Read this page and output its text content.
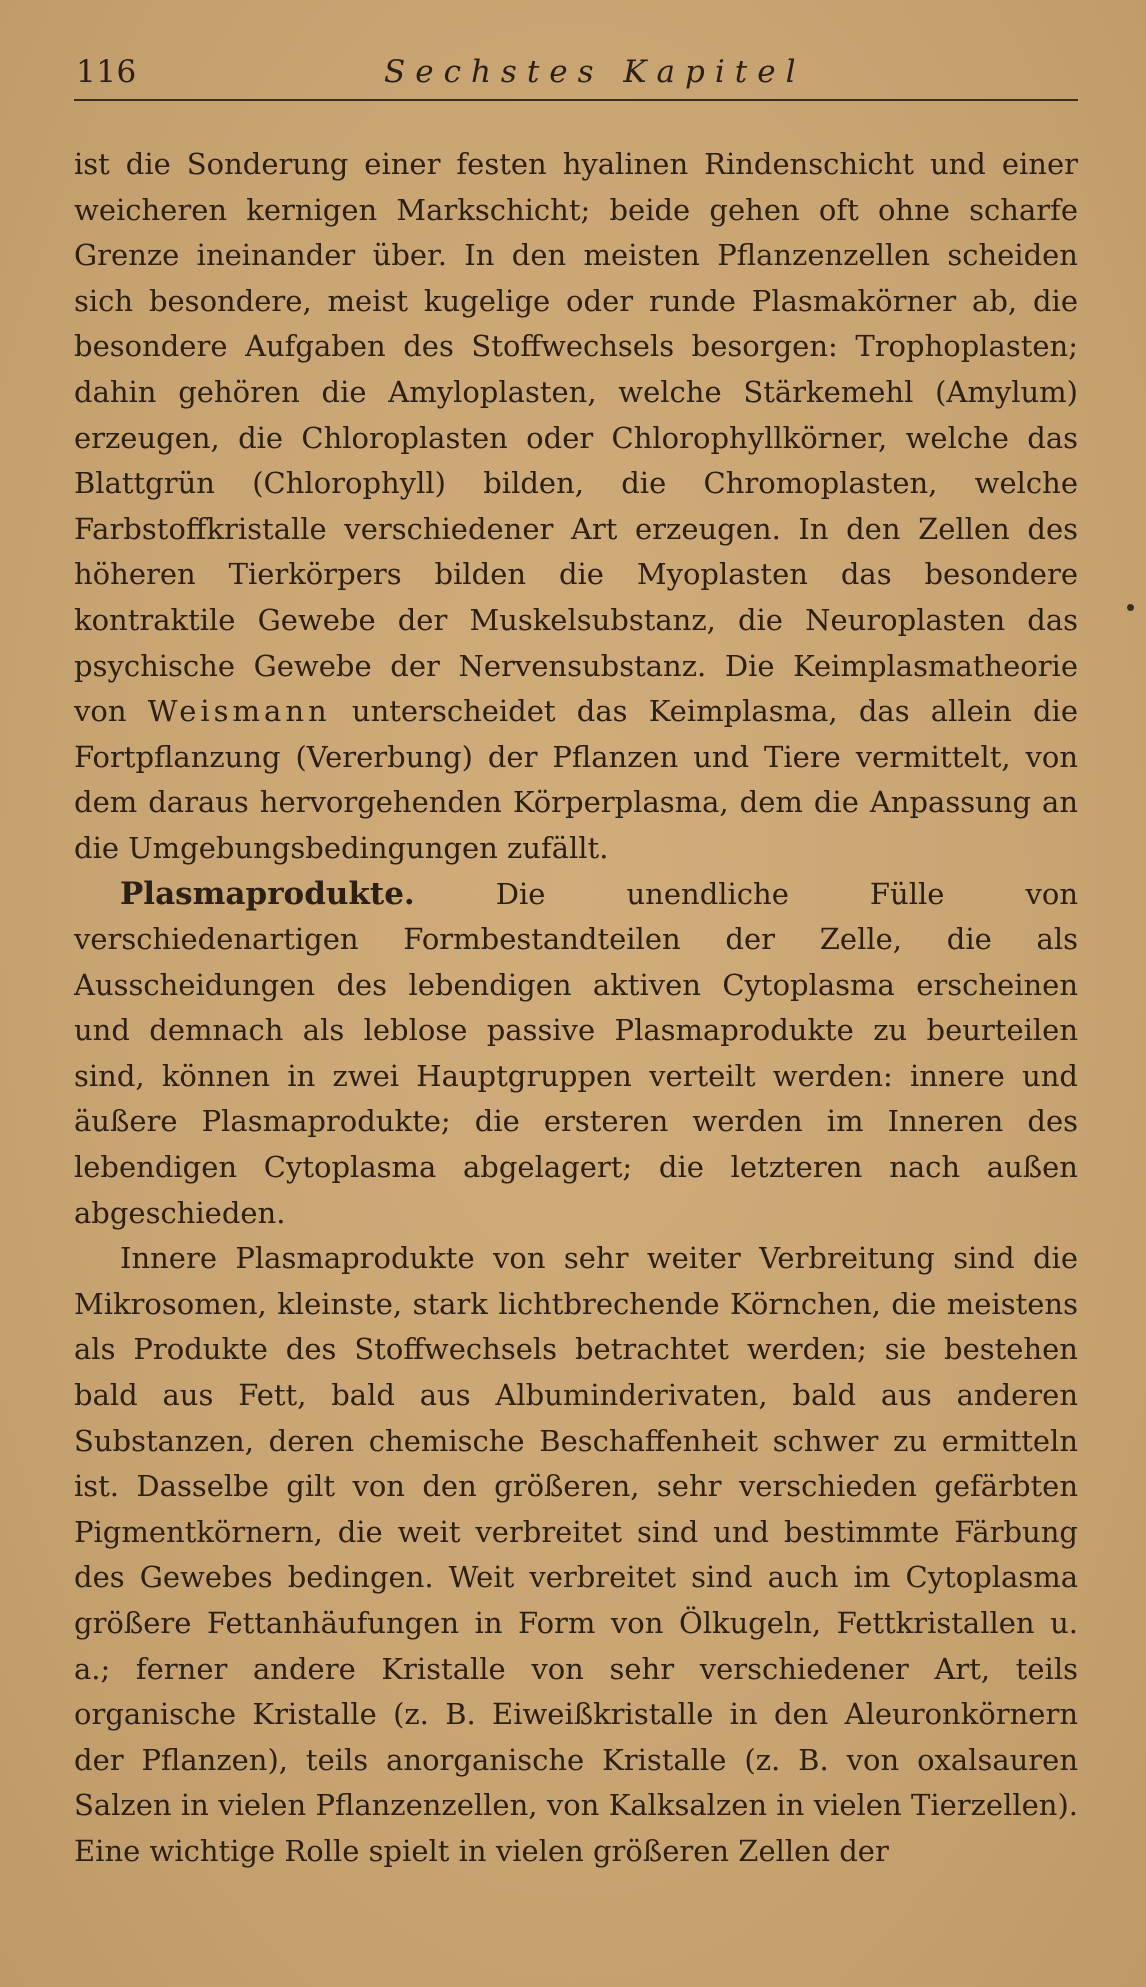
116	Sechstes Kapitel

ist die Sonderung einer festen hyalinen Rindenschicht und einer weicheren kernigen Markschicht; beide gehen oft ohne scharfe Grenze ineinander über. In den meisten Pflanzenzellen scheiden sich besondere, meist kugelige oder runde Plasmakörner ab, die besondere Aufgaben des Stoffwechsels besorgen: Trophoplasten; dahin gehören die Amyloplasten, welche Stärkemehl (Amylum) erzeugen, die Chloroplasten oder Chlorophyllkörner, welche das Blattgrün (Chlorophyll) bilden, die Chromoplasten, welche Farbstoffkristalle verschiedener Art erzeugen. In den Zellen des höheren Tierkörpers bilden die Myoplasten das besondere kontraktile Gewebe der Muskelsubstanz, die Neuroplasten das psychische Gewebe der Nervensubstanz. Die Keimplasmatheorie von Weismann unterscheidet das Keimplasma, das allein die Fortpflanzung (Vererbung) der Pflanzen und Tiere vermittelt, von dem daraus hervorgehenden Körperplasma, dem die Anpassung an die Umgebungsbedingungen zufällt.

Plasmaprodukte. Die unendliche Fülle von verschiedenartigen Formbestandteilen der Zelle, die als Ausscheidungen des lebendigen aktiven Cytoplasma erscheinen und demnach als leblose passive Plasmaprodukte zu beurteilen sind, können in zwei Hauptgruppen verteilt werden: innere und äußere Plasmaprodukte; die ersteren werden im Inneren des lebendigen Cytoplasma abgelagert; die letzteren nach außen abgeschieden.

Innere Plasmaprodukte von sehr weiter Verbreitung sind die Mikrosomen, kleinste, stark lichtbrechende Körnchen, die meistens als Produkte des Stoffwechsels betrachtet werden; sie bestehen bald aus Fett, bald aus Albuminderivaten, bald aus anderen Substanzen, deren chemische Beschaffenheit schwer zu ermitteln ist. Dasselbe gilt von den größeren, sehr verschieden gefärbten Pigmentkörnern, die weit verbreitet sind und bestimmte Färbung des Gewebes bedingen. Weit verbreitet sind auch im Cytoplasma größere Fettanhäufungen in Form von Ölkugeln, Fettkristallen u. a.; ferner andere Kristalle von sehr verschiedener Art, teils organische Kristalle (z. B. Eiweißkristalle in den Aleuronkörnern der Pflanzen), teils anorganische Kristalle (z. B. von oxalsauren Salzen in vielen Pflanzenzellen, von Kalksalzen in vielen Tierzellen). Eine wichtige Rolle spielt in vielen größeren Zellen der
